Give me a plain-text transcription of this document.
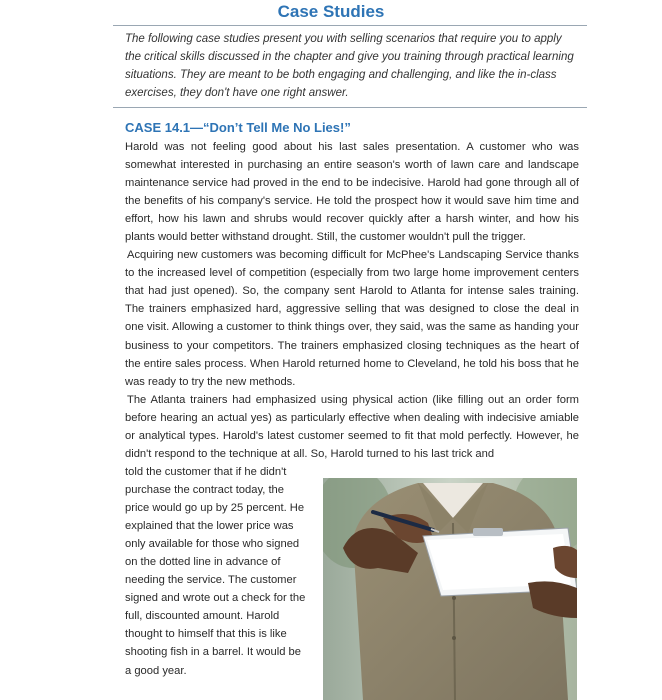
Case Studies
The following case studies present you with selling scenarios that require you to apply the critical skills discussed in the chapter and give you training through practical learning situations. They are meant to be both engaging and challenging, and like the in-class exercises, they don't have one right answer.
CASE 14.1—“Don’t Tell Me No Lies!”

Harold was not feeling good about his last sales presentation. A customer who was somewhat interested in purchasing an entire season's worth of lawn care and landscape maintenance service had proved in the end to be indecisive. Harold had gone through all of the benefits of his company's service. He told the prospect how it would save him time and effort, how his lawn and shrubs would recover quickly after a harsh winter, and how his plants would better withstand drought. Still, the customer wouldn't pull the trigger.

Acquiring new customers was becoming difficult for McPhee's Landscaping Service thanks to the increased level of competition (especially from two large home improvement centers that had just opened). So, the company sent Harold to Atlanta for intense sales training. The trainers emphasized hard, aggressive selling that was designed to close the deal in one visit. Allowing a customer to think things over, they said, was the same as handing your business to your competitors. The trainers emphasized closing techniques as the heart of the entire sales process. When Harold returned home to Cleveland, he told his boss that he was ready to try the new methods.

The Atlanta trainers had emphasized using physical action (like filling out an order form before hearing an actual yes) as particularly effective when dealing with indecisive amiable or analytical types. Harold's latest customer seemed to fit that mold perfectly. However, he didn't respond to the technique at all. So, Harold turned to his last trick and

told the customer that if he didn't purchase the contract today, the price would go up by 25 percent. He explained that the lower price was only available for those who signed on the dotted line in advance of needing the service. The customer signed and wrote out a check for the full, discounted amount. Harold thought to himself that this is like shooting fish in a barrel. It would be a good year.
